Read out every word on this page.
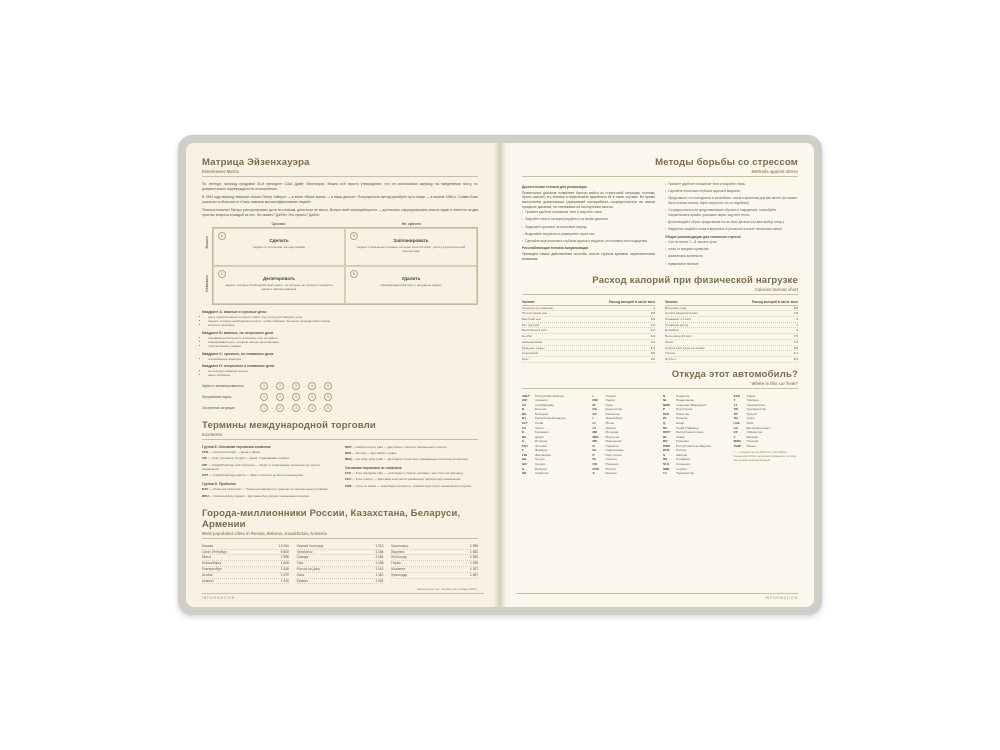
Матрица Эйзенхауэра
Eisenhower Matrix

По легенде, матрицу придумал 34-й президент США Дуайт Эйзенхауэр. Можно всё просто утверждение, что он использовал матрицу на ежедневном посту, но документально подтверждено не относительно.

В 1954 году матрицу впервые описал Питер Хайнрот — в книге «Ваше время — и ваши деньги». Популярность метод приобрёл чуть позже — в начале 1980-х. Стивен Кови расписал и объяснил в «Семь навыков высокоэффективных людей».

Техника помогает быстро расcортировать дела по спискам, дела если не много. Вопрос всей матрицей просто — достаточно сформулировать список задач и ответить на два простых вопроса в каждой из них. Это важно? Да/Нет. Это срочно? Да/Нет.

Важно
Неважно
Срочно	Не срочно
A
Сделать
задачи со срочными последствиями
B
Запланировать
задачи с неясными сроками, которые способствуют успеху в долгосрочной перспективе
C
Делегировать
задачи, которые необходимо выполнить, но которые не требуют конкретно вашего набора навыков
D
Удалить
отвлекающие факторы и ненужные задачи
Квадрант A: важные и срочные дела
• дела, невыполнение которых ставит под угрозу достижение цели
• задачи, которые необходимо решить, чтобы избежать больших затруднений в жизни
• вопросы здоровья
Квадрант B: важные, но несрочные дела
• основная деятельность в бизнесе или на работе
• планирование дел, которые нельзя делегировать
• стратегические задачи
Квадрант C: срочные, но неважные дела
• отвлекающие факторы
Квадрант D: несрочные и неважные дела
• не несущие никакой пользы
• наши любимые
Идём от запланированного	1	→	2	→	3	→	4	→	5
Прерывание паузы	1	→	2	→	3	→	4	→	5
Экстренная ситуация	1	→	2	→	3	→	4	→	5
Термины международной торговли
Incoterms
Группа E. Основная перевозка оплачена
CFR — Cost and Freight — Цена и фрахт
CIF — Cost, Insurance, Freight — Цена, страхование и фрахт
CIP — Freight/Carriage and Insurance — Фрахт и страхование оплачены до пункта назначения
CPT — Freight/Carriage paid to — Фрахт оплачен до места назначения
Группа D. Прибытие
DAF — Delivered at Frontier — Товар доставляется к границе по контрактным условиям
DDU — Delivered duty unpaid — Доставка без уплаты таможенных пошлин
DDP — Delivered duty paid — Доставка с уплатой таможенных пошлин
DES — Ex ship — Доставка с судна
DEQ — Ex quay (duty paid) — Доставка с пристани (таможенные пошлины уплачены)
Основная перевозка не оплачена
FAS — Free alongside ship — «Свободно у борта» (указано, как стоит на причале)
FCA — Free Carrier — Доставка комплекта указанному экспедитору назначения
FOB — Free on board — «Свободно на борту», франко-борт (порт назначения отгрузки)
Города-миллионники России, Казахстана, Беларуси, Армении
Most populated cities in Russia, Belarus, Kazakhstan, Armenia
Москва	13 104
Санкт-Петербург	5 600
Минск	1 995
Новосибирск	1 625
Екатеринбург	1 539
Астана	1 479
Алматы	1 315
Нижний Новгород	1 213
Челябинск	1 184
Самара	1 164
Уфа	1 158
Ростов-на-Дону	1 142
Омск	1 110
Ереван	1 092
Красноярск	1 096
Воронеж	1 062
Волгоград	1 052
Пермь	1 049
Шымкент	1 027
Краснодар	1 007
Население в тыс. человек на 1 января 2023 г.
INFORMATION
Методы борьбы со стрессом
Methods against stress
Дыхательная техника для релаксации
Правильное дыхание позволяет быстро выйти из стрессовой ситуации, поэтому нужно освоить эту технику и попробовать применять её в таких случаях. Во время выполнения дыхательных упражнений постарайтесь сосредоточиться на самом процессе дыхания, не отвлекаясь на посторонние мысли.
• Примите удобное положение тела и закройте глаза.
• Закройте глаза и сконцентрируйтесь на своём дыхании.
• Задержите дыхание на несколько секунд.
• Выдыхайте медленно и размеренно через нос.
• Сделайте ещё несколько глубоких вдохов и выдохов, отслеживая свои ощущения.
Расслабляющая техника визуализации
Приведём самые действенные способы снятия стресса времени переключением внимания.
• Примите удобное положение тела и закройте глаза.
• Сделайте несколько глубоких вдохов и выдохов.
• Представьте, что находитесь в спокойном, тихом и приятном для вас месте (это может быть лесная поляна, берег моря или что-то подобное).
• Сосредоточьтесь на представляемых образах и ощущениях: попробуйте почувствовать аромат, услышать звуки, ощутить тепло.
• Детализируйте образ, представляя его во всех деталях (на ваш выбор и вкус).
• Медленно откройте глаза и вернитесь в реальность после нескольких минут.
Общие рекомендации для снижения стресса
• Сон не менее 7—8 часов в сутки
• отказ от вредных привычек
• физическая активность
• правильное питание
Расход калорий при физической нагрузке
Calories burned chart
Занятие	Расход калорий в час/кг веса	Занятие	Расход калорий в час/кг веса
Сидение (положение)	1
Прогулочный шаг	2.8
Быстрый шаг	3.9
Бег трусцой	7.0
Велосипед 9 км/ч	4.0
Au-Pair	6.4
Аквааэробика	4.0
Бальные танцы	5.1
Альпинизм	8.6
Бокс	9.8
Верховая езда	2.5
Гребля академическая	7.0
Плавание 1.6 км/ч	3
Плавание кроль	7
Волейбол	3
Велосипед 20 км/ч	7.5
Лыжи	7.0
Скоростной спуск на лыжах	5.9
Теннис	6.1
Футбол	6.4
Откуда этот автомобиль?
Where is this car from?
ABH*	Республика Абхазия
AM	Армения
AZ	Азербайджан
B	Бельгия
BG	Болгария
BY	Республика Беларусь
CH*	Китай
CZ	Чехия
D	Германия
DK	Дания
E	Испания
EST	Эстония
F	Франция
FIN	Финляндия
GE	Грузия
GR	Греция
H	Венгрия
HR	Хорватия
I	Италия
IND	Индия
IR	Иран
KG	Кыргызстан
KZ	Казахстан
L	Люксембург
LT	Литва
LV	Латвия
MD	Молдова
MGL	Монголия
MK	Македония
N	Норвегия
NL	Нидерланды
P	Португалия
PL	Польша
RO	Румыния
RUS	Россия
S	Швеция
N	Норвегия
NL	Нидерланды
NMK	Северная Македония
P	Португалия
PAK	Пакистан
PL	Польша
Q	Катар
RC	Китай (Тайвань)
RKS*	Республика Косово
RL	Ливан
RO	Румыния
RSM	Республика Сан-Марино
RUS	Россия
S	Швеция
SK	Словакия
SLO	Словения
SRB	Сербия
TJ	Таджикистан
SYR	Сирия
T	Таиланд
TJ	Таджикистан
TM	Туркменистан
TR	Турция
TN	Тунис
UAE	ОАЭ
UA	Великобритания
UZ	Узбекистан
V	Ватикан
WAN	Нигерия
YEM*	Йемен
* — государство не является участником Конвенции ООН о дорожном движении, поэтому код указан неофициальным.
INFORMATION
